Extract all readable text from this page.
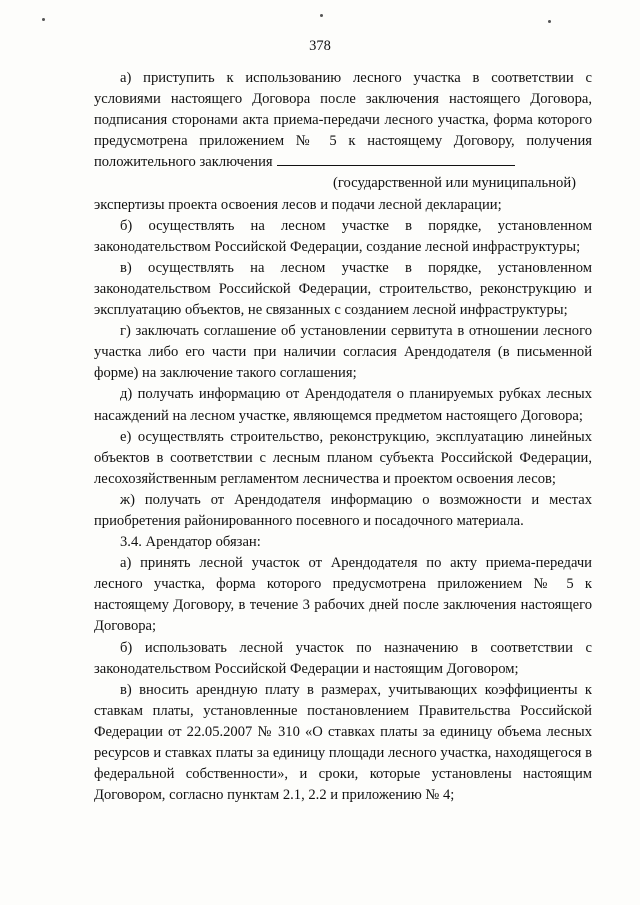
378

а) приступить к использованию лесного участка в соответствии с условиями настоящего Договора после заключения настоящего Договора, подписания сторонами акта приема-передачи лесного участка, форма которого предусмотрена приложением № 5 к настоящему Договору, получения положительного заключения
(государственной или муниципальной)

экспертизы проекта освоения лесов и подачи лесной декларации;

б) осуществлять на лесном участке в порядке, установленном законодательством Российской Федерации, создание лесной инфраструктуры;

в) осуществлять на лесном участке в порядке, установленном законодательством Российской Федерации, строительство, реконструкцию и эксплуатацию объектов, не связанных с созданием лесной инфраструктуры;

г) заключать соглашение об установлении сервитута в отношении лесного участка либо его части при наличии согласия Арендодателя (в письменной форме) на заключение такого соглашения;

д) получать информацию от Арендодателя о планируемых рубках лесных насаждений на лесном участке, являющемся предметом настоящего Договора;

е) осуществлять строительство, реконструкцию, эксплуатацию линейных объектов в соответствии с лесным планом субъекта Российской Федерации, лесохозяйственным регламентом лесничества и проектом освоения лесов;

ж) получать от Арендодателя информацию о возможности и местах приобретения районированного посевного и посадочного материала.

3.4. Арендатор обязан:

а) принять лесной участок от Арендодателя по акту приема-передачи лесного участка, форма которого предусмотрена приложением № 5 к настоящему Договору, в течение 3 рабочих дней после заключения настоящего Договора;

б) использовать лесной участок по назначению в соответствии с законодательством Российской Федерации и настоящим Договором;

в) вносить арендную плату в размерах, учитывающих коэффициенты к ставкам платы, установленные постановлением Правительства Российской Федерации от 22.05.2007 № 310 «О ставках платы за единицу объема лесных ресурсов и ставках платы за единицу площади лесного участка, находящегося в федеральной собственности», и сроки, которые установлены настоящим Договором, согласно пунктам 2.1, 2.2 и приложению № 4;
